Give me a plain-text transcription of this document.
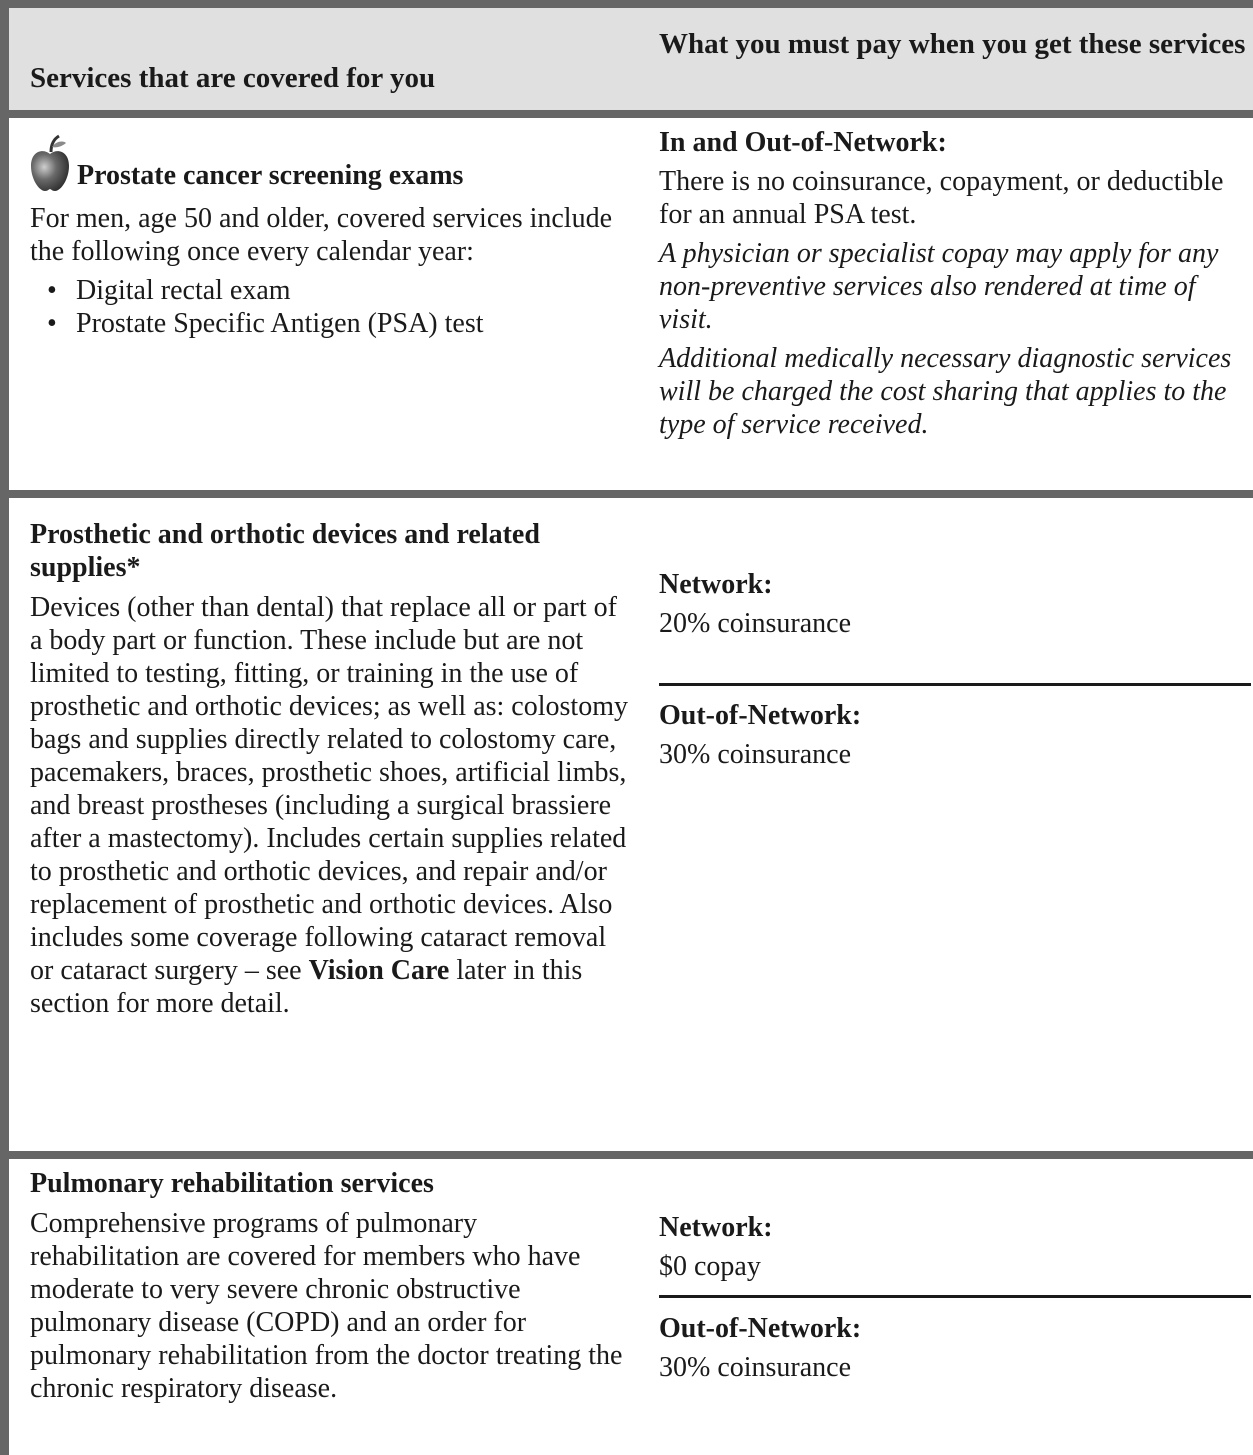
Services that are covered for you
What you must pay when you get these services
Prostate cancer screening exams

For men, age 50 and older, covered services include the following once every calendar year:

• Digital rectal exam
• Prostate Specific Antigen (PSA) test

In and Out-of-Network:

There is no coinsurance, copayment, or deductible for an annual PSA test.

A physician or specialist copay may apply for any non-preventive services also rendered at time of visit.

Additional medically necessary diagnostic services will be charged the cost sharing that applies to the type of service received.

Prosthetic and orthotic devices and related supplies*

Devices (other than dental) that replace all or part of a body part or function. These include but are not limited to testing, fitting, or training in the use of prosthetic and orthotic devices; as well as: colostomy bags and supplies directly related to colostomy care, pacemakers, braces, prosthetic shoes, artificial limbs, and breast prostheses (including a surgical brassiere after a mastectomy). Includes certain supplies related to prosthetic and orthotic devices, and repair and/or replacement of prosthetic and orthotic devices. Also includes some coverage following cataract removal or cataract surgery – see Vision Care later in this section for more detail.

Network:

20% coinsurance

Out-of-Network:

30% coinsurance

Pulmonary rehabilitation services

Comprehensive programs of pulmonary rehabilitation are covered for members who have moderate to very severe chronic obstructive pulmonary disease (COPD) and an order for pulmonary rehabilitation from the doctor treating the chronic respiratory disease.

Network:

$0 copay

Out-of-Network:

30% coinsurance
